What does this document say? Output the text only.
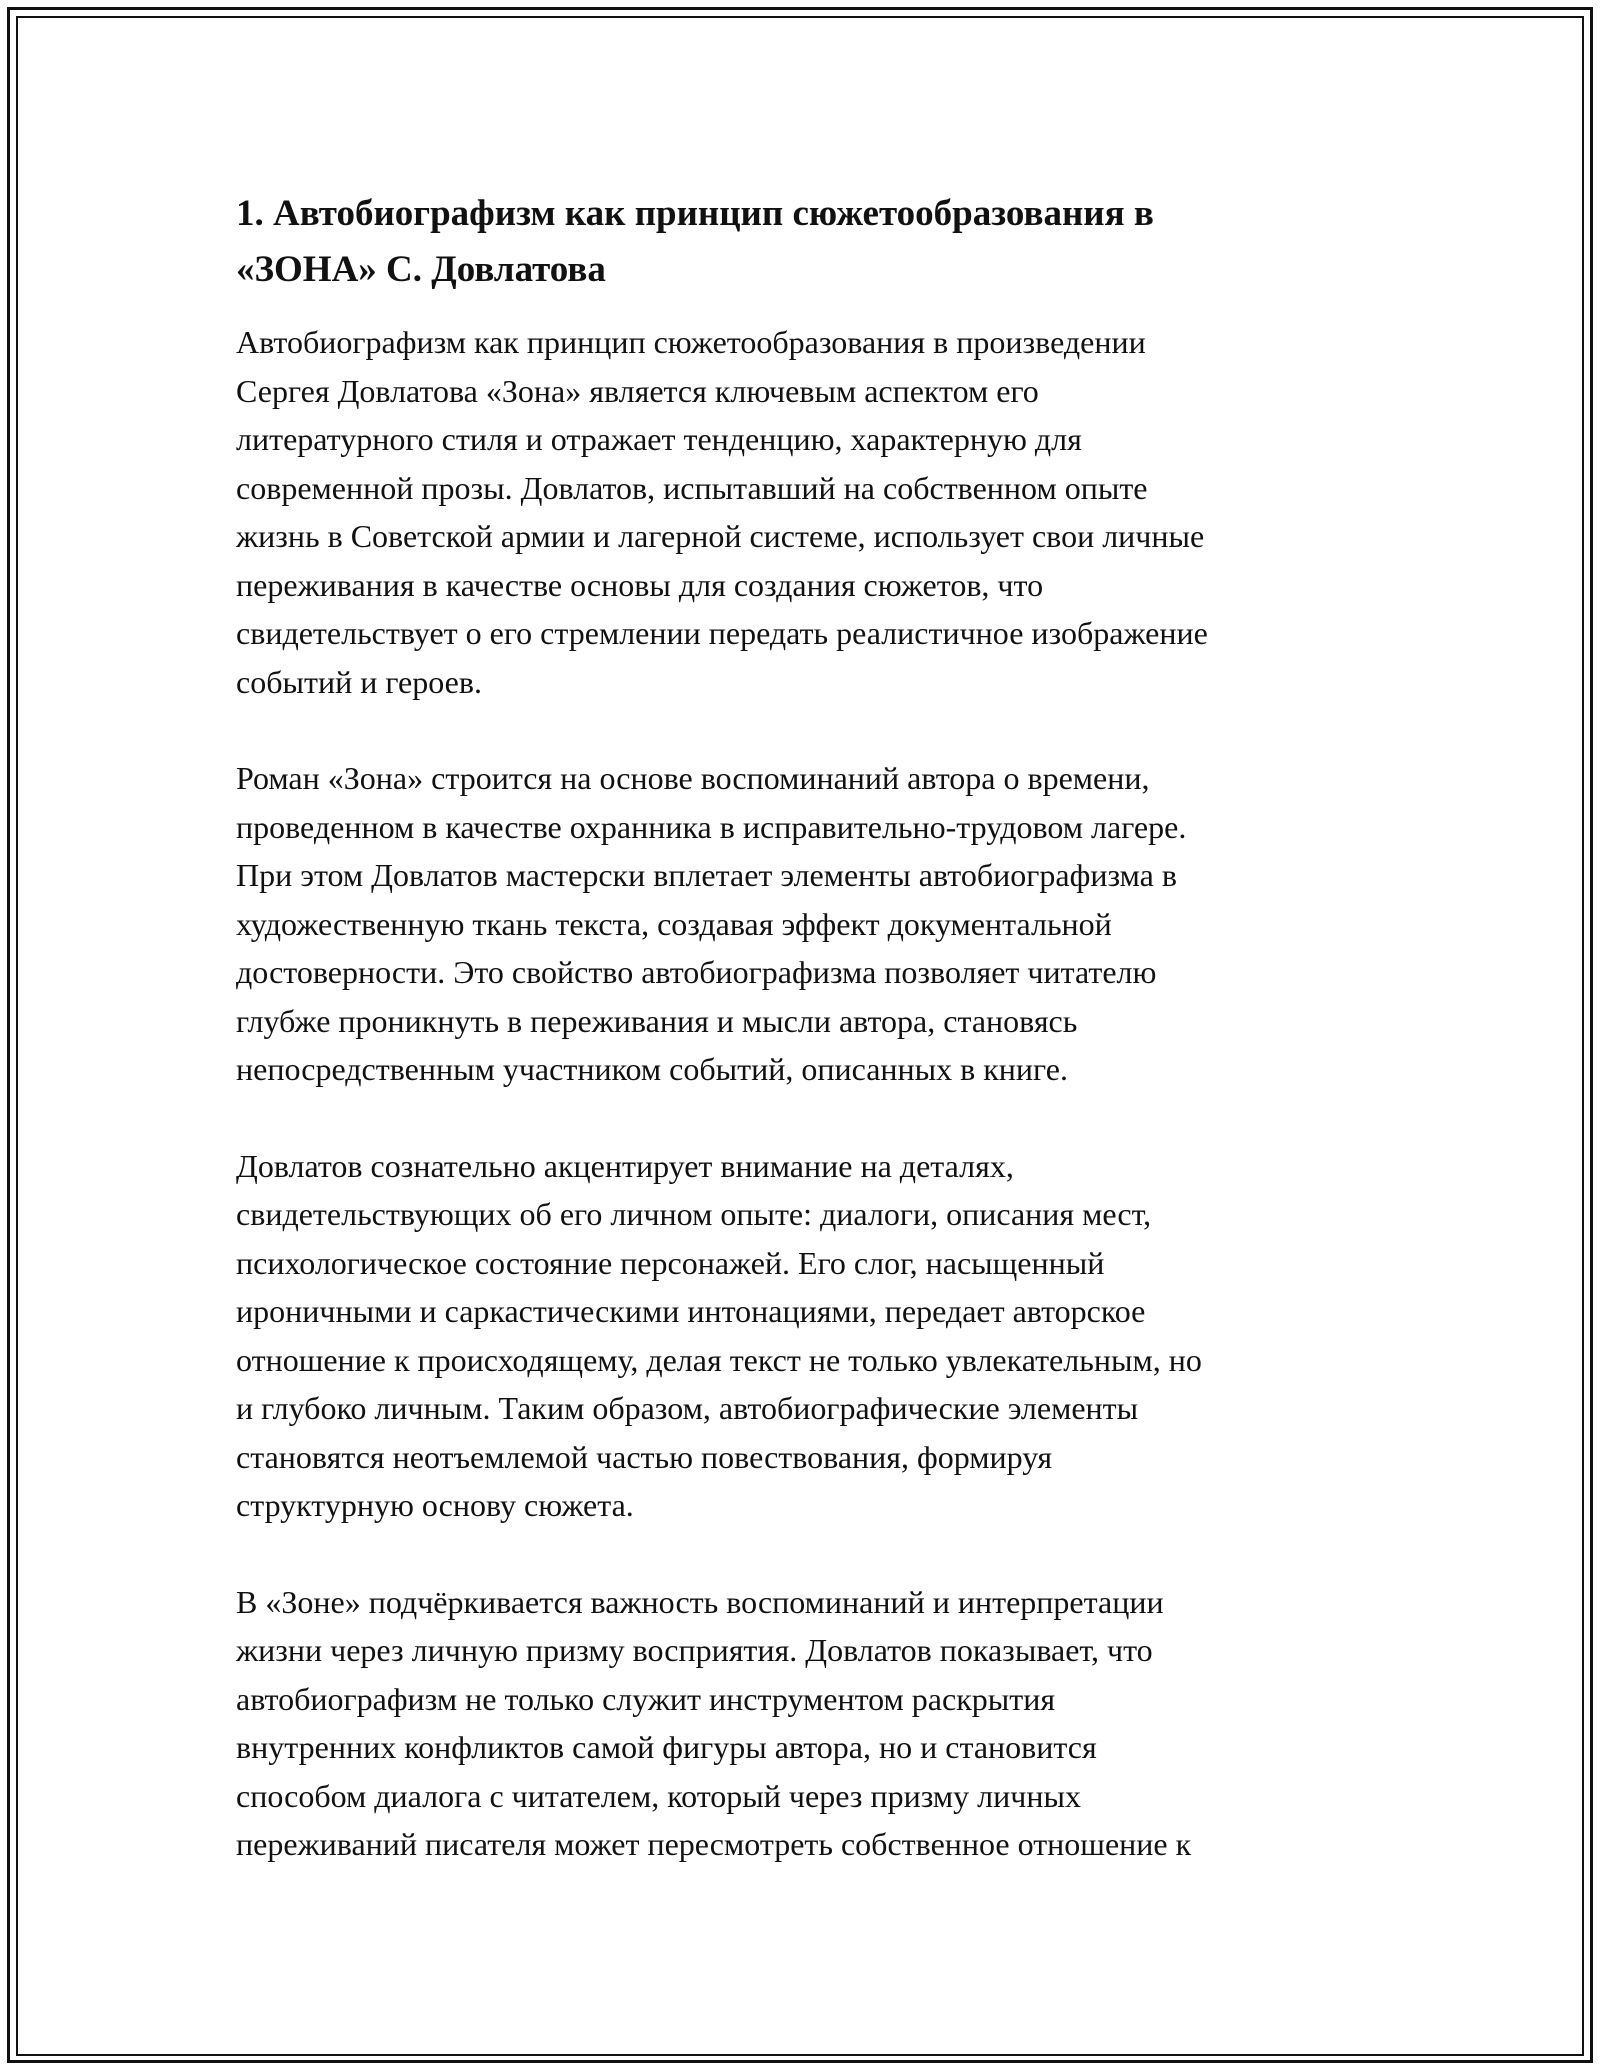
1. Автобиографизм как принцип сюжетообразования в
«ЗОНА» С. Довлатова

Автобиографизм как принцип сюжетообразования в произведении
Сергея Довлатова «Зона» является ключевым аспектом его
литературного стиля и отражает тенденцию, характерную для
современной прозы. Довлатов, испытавший на собственном опыте
жизнь в Советской армии и лагерной системе, использует свои личные
переживания в качестве основы для создания сюжетов, что
свидетельствует о его стремлении передать реалистичное изображение
событий и героев.

Роман «Зона» строится на основе воспоминаний автора о времени,
проведенном в качестве охранника в исправительно-трудовом лагере.
При этом Довлатов мастерски вплетает элементы автобиографизма в
художественную ткань текста, создавая эффект документальной
достоверности. Это свойство автобиографизма позволяет читателю
глубже проникнуть в переживания и мысли автора, становясь
непосредственным участником событий, описанных в книге.

Довлатов сознательно акцентирует внимание на деталях,
свидетельствующих об его личном опыте: диалоги, описания мест,
психологическое состояние персонажей. Его слог, насыщенный
ироничными и саркастическими интонациями, передает авторское
отношение к происходящему, делая текст не только увлекательным, но
и глубоко личным. Таким образом, автобиографические элементы
становятся неотъемлемой частью повествования, формируя
структурную основу сюжета.

В «Зоне» подчёркивается важность воспоминаний и интерпретации
жизни через личную призму восприятия. Довлатов показывает, что
автобиографизм не только служит инструментом раскрытия
внутренних конфликтов самой фигуры автора, но и становится
способом диалога с читателем, который через призму личных
переживаний писателя может пересмотреть собственное отношение к
